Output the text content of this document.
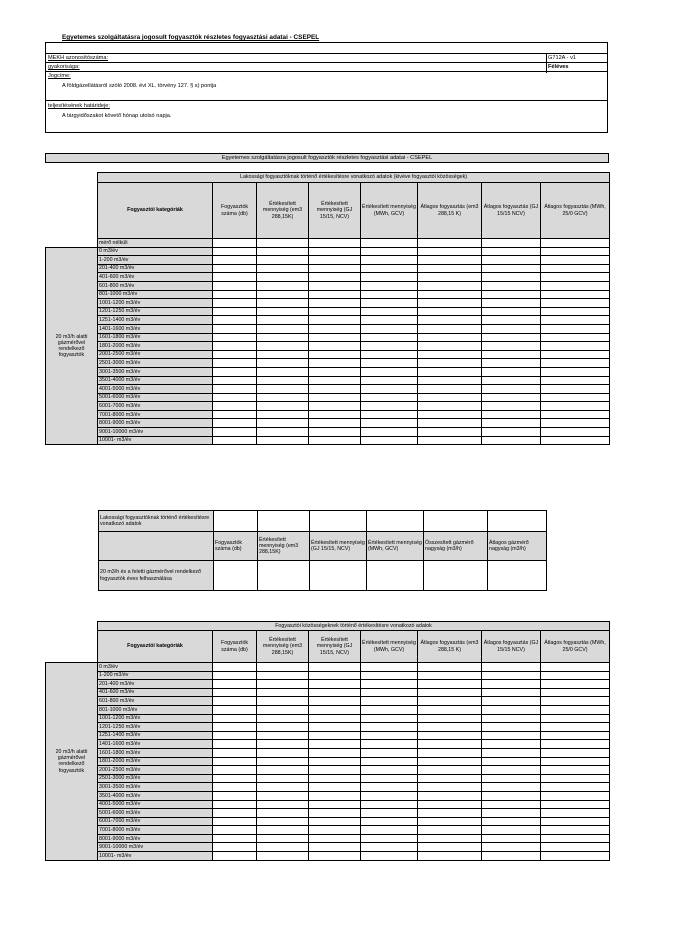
Egyetemes szolgáltatásra jogosult fogyasztók részletes fogyasztási adatai - CSEPEL
MEKH azonosítószáma:	G712A - v1
gyakorisága:	Féléves
Jogcíme:
A földgázellátásról szóló 2008. évi XL. törvény 127. § s) pontja
teljesítésének határideje:
A tárgyidőszakot követő hónap utolsó napja.
Egyetemes szolgáltatásra jogosult fogyasztók részletes fogyasztási adatai - CSEPEL
	Lakossági fogyasztóknak történő értékesítésre vonatkozó adatok (kivéve fogyasztói közösségek)							
	Fogyasztói kategóriák	Fogyasztók száma (db)	Értékesített mennyiség (em3 288,15K)	Értékesített mennyiség (GJ 15/15, NCV)	Értékesített mennyiség (MWh, GCV)	Átlagos fogyasztás (em3 288,15 K)	Átlagos fogyasztás (GJ 15/15 NCV)	Átlagos fogyasztás (MWh, 25/0 GCV)
	mérő nélküli							
20 m3/h alatti gázmérővel rendelkező fogyasztók	0 m3/év							
	1-200 m3/év							
	201-400 m3/év							
	401-600 m3/év							
	601-800 m3/év							
	801-1000 m3/év							
	1001-1200 m3/év							
	1201-1250 m3/év							
	1251-1400 m3/év							
	1401-1600 m3/év							
	1601-1800 m3/év							
	1801-2000 m3/év							
	2001-2500 m3/év							
	2501-3000 m3/év							
	3001-3500 m3/év							
	3501-4000 m3/év							
	4001-5000 m3/év							
	5001-6000 m3/év							
	6001-7000 m3/év							
	7001-8000 m3/év							
	8001-9000 m3/év							
	9001-10000 m3/év							
	10001- m3/év							
Lakossági fogyasztóknak történő értékesítésre vonatkozó adatok							
	Fogyasztók száma (db)	Értékesített mennyiség (em3 288,15K)	Értékesített mennyiség (GJ 15/15, NCV)	Értékesített mennyiség (MWh, GCV)	Összesített gázmérő nagyság (m3/h)	Átlagos gázmérő nagyság (m3/h)	
20 m3/h és a feletti gázmérővel rendelkező fogyasztók éves felhasználása							
	Fogyasztói közösségeknek történő értékesítésre vonatkozó adatok							
	Fogyasztói kategóriák	Fogyasztók száma (db)	Értékesített mennyiség (em3 288,15K)	Értékesített mennyiség (GJ 15/15, NCV)	Értékesített mennyiség (MWh, GCV)	Átlagos fogyasztás (em3 288,15 K)	Átlagos fogyasztás (GJ 15/15 NCV)	Átlagos fogyasztás (MWh, 25/0 GCV)
20 m3/h alatti gázmérővel rendelkező fogyasztók	0 m3/év							
	1-200 m3/év							
	201-400 m3/év							
	401-600 m3/év							
	601-800 m3/év							
	801-1000 m3/év							
	1001-1200 m3/év							
	1201-1250 m3/év							
	1251-1400 m3/év							
	1401-1600 m3/év							
	1601-1800 m3/év							
	1801-2000 m3/év							
	2001-2500 m3/év							
	2501-3000 m3/év							
	3001-3500 m3/év							
	3501-4000 m3/év							
	4001-5000 m3/év							
	5001-6000 m3/év							
	6001-7000 m3/év							
	7001-8000 m3/év							
	8001-9000 m3/év							
	9001-10000 m3/év							
	10001- m3/év							
